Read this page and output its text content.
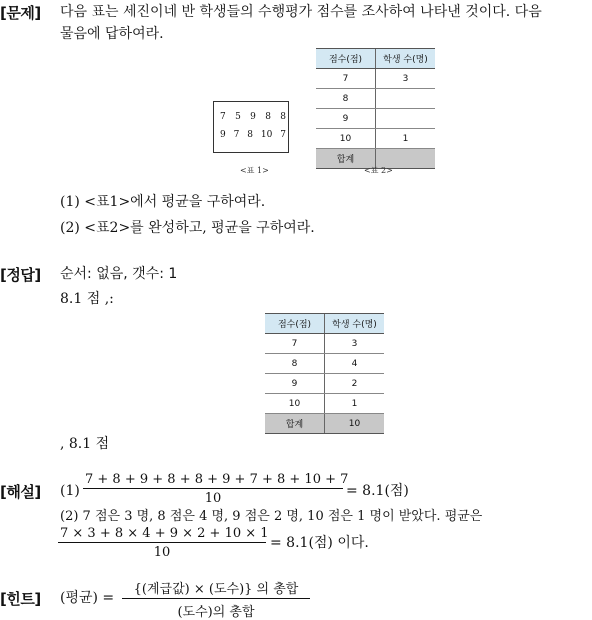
[문제] 다음 표는 세진이네 반 학생들의 수행평가 점수를 조사하여 나타낸 것이다. 다음
물음에 답하여라.
7 5 9 8 8
9 7 8 10 7
<표 1>
점수(점)	학생 수(명)
7	3
8	
9	
10	1
합계	
<표 2>
(1) <표1>에서 평균을 구하여라.
(2) <표2>를 완성하고, 평균을 구하여라.
[정답] 순서: 없음, 갯수: 1
8.1 점 ,:
점수(점)	학생 수(명)
7	3
8	4
9	2
10	1
합계	10
, 8.1 점
[해설] $(1) \frac{7 + 8 + 9 + 8 + 8 + 9 + 7 + 8 + 10 + 7}{10} = 8.1$(점)
(2) 7 점은 3 명, 8 점은 4 명, 9 점은 2 명, 10 점은 1 명이 받았다. 평균은
$\frac{7 \times 3 + 8 \times 4 + 9 \times 2 + 10 \times 1}{10} = 8.1$(점) 이다.
[힌트] (평균) =
{(계급값) × (도수)} 의 총합
(도수)의 총합
